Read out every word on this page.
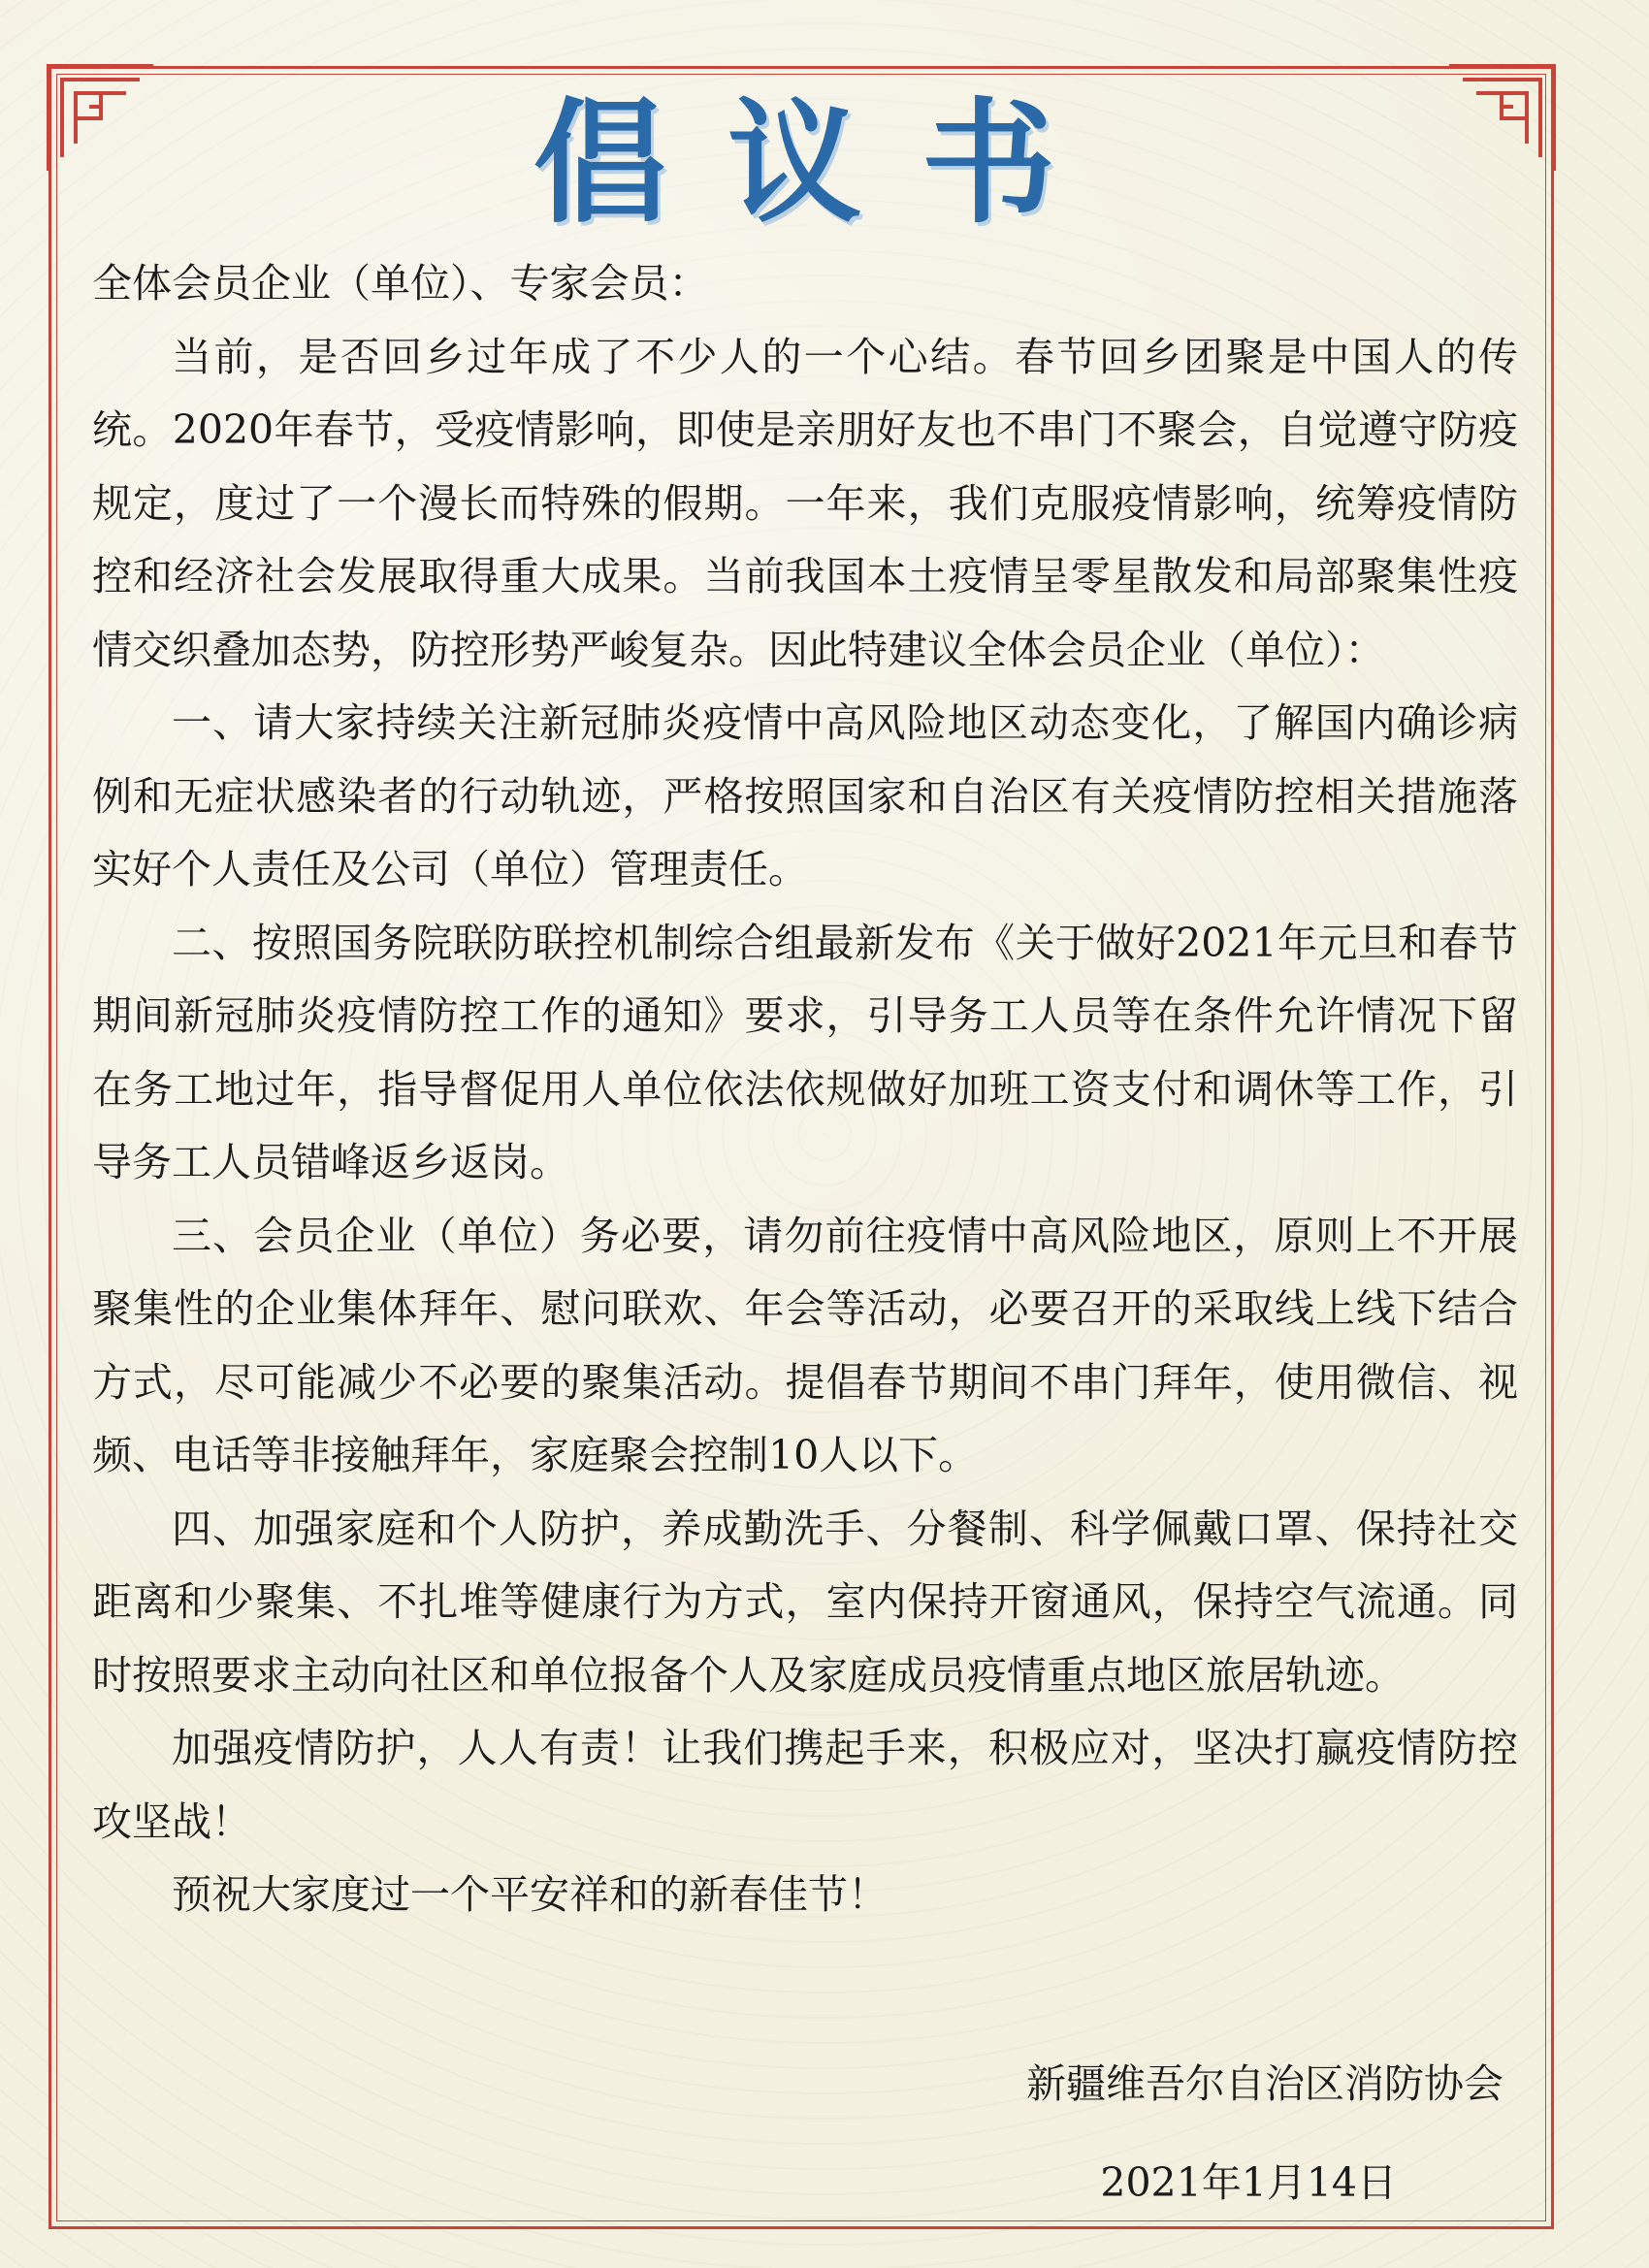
倡议书

全体会员企业（单位）、专家会员：

当前，是否回乡过年成了不少人的一个心结。春节回乡团聚是中国人的传统。2020年春节，受疫情影响，即使是亲朋好友也不串门不聚会，自觉遵守防疫规定，度过了一个漫长而特殊的假期。一年来，我们克服疫情影响，统筹疫情防控和经济社会发展取得重大成果。当前我国本土疫情呈零星散发和局部聚集性疫情交织叠加态势，防控形势严峻复杂。因此特建议全体会员企业（单位）：

一、请大家持续关注新冠肺炎疫情中高风险地区动态变化，了解国内确诊病例和无症状感染者的行动轨迹，严格按照国家和自治区有关疫情防控相关措施落实好个人责任及公司（单位）管理责任。

二、按照国务院联防联控机制综合组最新发布《关于做好2021年元旦和春节期间新冠肺炎疫情防控工作的通知》要求，引导务工人员等在条件允许情况下留在务工地过年，指导督促用人单位依法依规做好加班工资支付和调休等工作，引导务工人员错峰返乡返岗。

三、会员企业（单位）务必要，请勿前往疫情中高风险地区，原则上不开展聚集性的企业集体拜年、慰问联欢、年会等活动，必要召开的采取线上线下结合方式，尽可能减少不必要的聚集活动。提倡春节期间不串门拜年，使用微信、视频、电话等非接触拜年，家庭聚会控制10人以下。

四、加强家庭和个人防护，养成勤洗手、分餐制、科学佩戴口罩、保持社交距离和少聚集、不扎堆等健康行为方式，室内保持开窗通风，保持空气流通。同时按照要求主动向社区和单位报备个人及家庭成员疫情重点地区旅居轨迹。

加强疫情防护，人人有责！让我们携起手来，积极应对，坚决打赢疫情防控攻坚战！

预祝大家度过一个平安祥和的新春佳节！

新疆维吾尔自治区消防协会
2021年1月14日
